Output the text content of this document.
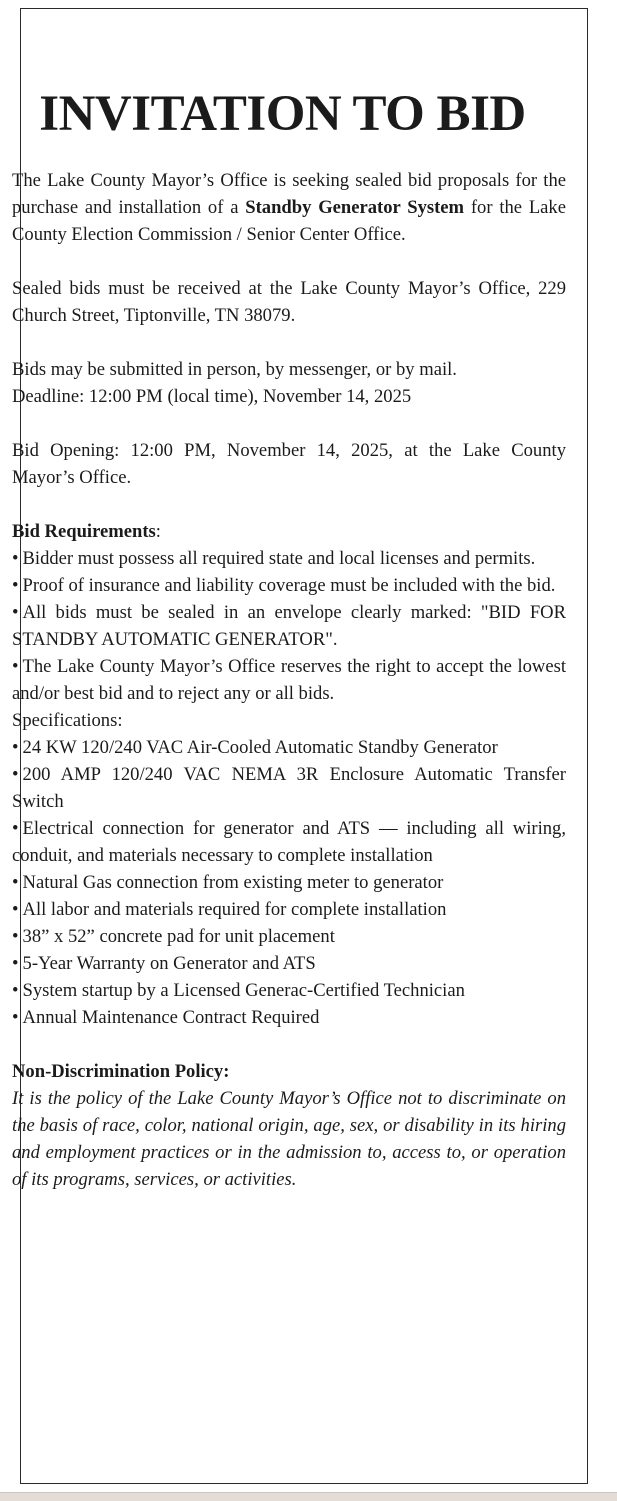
INVITATION TO BID

The Lake County Mayor’s Office is seeking sealed bid proposals for the purchase and installation of a Standby Generator System for the Lake County Election Commission / Senior Center Office.

Sealed bids must be received at the Lake County Mayor’s Office, 229 Church Street, Tiptonville, TN 38079.

Bids may be submitted in person, by messenger, or by mail.

Deadline: 12:00 PM (local time), November 14, 2025

Bid Opening: 12:00 PM, November 14, 2025, at the Lake County Mayor’s Office.

Bid Requirements:

• Bidder must possess all required state and local licenses and permits.

• Proof of insurance and liability coverage must be included with the bid.

• All bids must be sealed in an envelope clearly marked: "BID FOR STANDBY AUTOMATIC GENERATOR".

• The Lake County Mayor’s Office reserves the right to accept the lowest and/or best bid and to reject any or all bids.

Specifications:

• 24 KW 120/240 VAC Air-Cooled Automatic Standby Generator

• 200 AMP 120/240 VAC NEMA 3R Enclosure Automatic Transfer Switch

• Electrical connection for generator and ATS — including all wiring, conduit, and materials necessary to complete installation

• Natural Gas connection from existing meter to generator

• All labor and materials required for complete installation

• 38” x 52” concrete pad for unit placement

• 5-Year Warranty on Generator and ATS

• System startup by a Licensed Generac-Certified Technician

• Annual Maintenance Contract Required

Non-Discrimination Policy:

It is the policy of the Lake County Mayor’s Office not to discriminate on the basis of race, color, national origin, age, sex, or disability in its hiring and employment practices or in the admission to, access to, or operation of its programs, services, or activities.
